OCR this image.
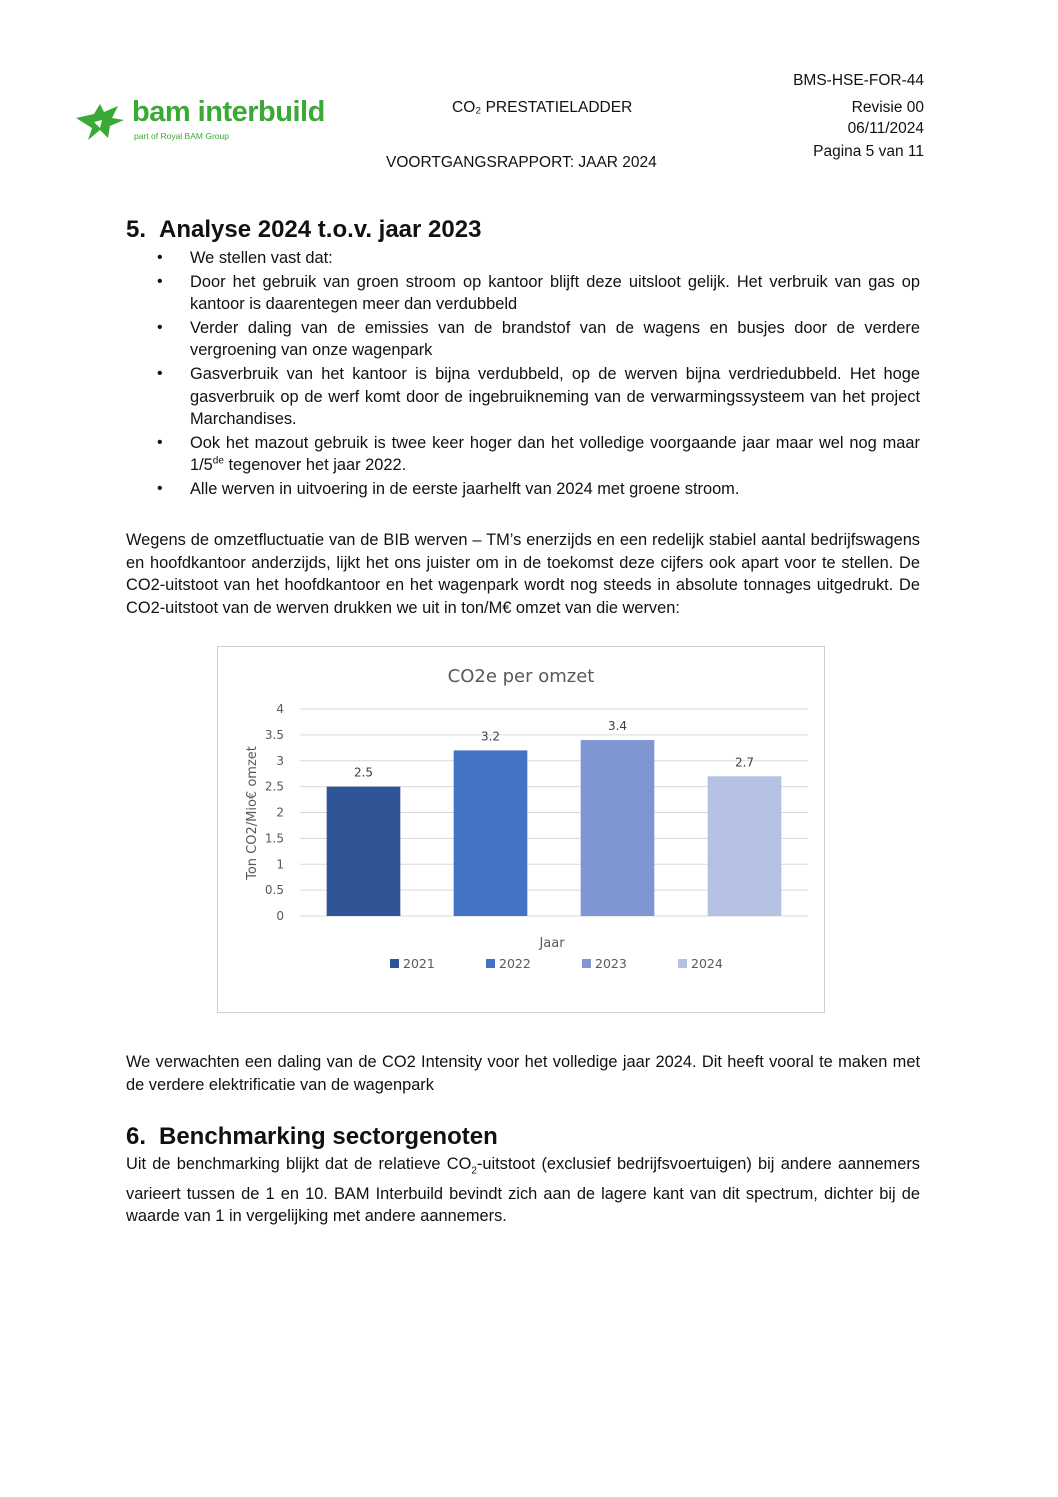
bam interbuild
part of Royal BAM Group
CO₂ PRESTATIELADDER
VOORTGANGSRAPPORT: JAAR 2024
BMS-HSE-FOR-44
Revisie 00
06/11/2024
Pagina 5 van 11
5. Analyse 2024 t.o.v. jaar 2023
• We stellen vast dat:
• Door het gebruik van groen stroom op kantoor blijft deze uitsloot gelijk. Het verbruik van gas op kantoor is daarentegen meer dan verdubbeld
• Verder daling van de emissies van de brandstof van de wagens en busjes door de verdere vergroening van onze wagenpark
• Gasverbruik van het kantoor is bijna verdubbeld, op de werven bijna verdriedubbeld. Het hoge gasverbruik op de werf komt door de ingebruikneming van de verwarmingssysteem van het project Marchandises.
• Ook het mazout gebruik is twee keer hoger dan het volledige voorgaande jaar maar wel nog maar 1/5de tegenover het jaar 2022.
• Alle werven in uitvoering in de eerste jaarhelft van 2024 met groene stroom.

Wegens de omzetfluctuatie van de BIB werven – TM’s enerzijds en een redelijk stabiel aantal bedrijfswagens en hoofdkantoor anderzijds, lijkt het ons juister om in de toekomst deze cijfers ook apart voor te stellen. De CO2-uitstoot van het hoofdkantoor en het wagenpark wordt nog steeds in absolute tonnages uitgedrukt. De CO2-uitstoot van de werven drukken we uit in ton/M€ omzet van die werven:

CO2e per omzet
Ton CO2/Mio€ omzet
Jaar
0
0.5
1
1.5
2
2.5
3
3.5
4
2.5
3.2
3.4
2.7
2021	2022	2023	2024

We verwachten een daling van de CO2 Intensity voor het volledige jaar 2024. Dit heeft vooral te maken met de verdere elektrificatie van de wagenpark

6. Benchmarking sectorgenoten

Uit de benchmarking blijkt dat de relatieve $CO_2$-uitstoot (exclusief bedrijfsvoertuigen) bij andere aannemers varieert tussen de 1 en 10. BAM Interbuild bevindt zich aan de lagere kant van dit spectrum, dichter bij de waarde van 1 in vergelijking met andere aannemers.
